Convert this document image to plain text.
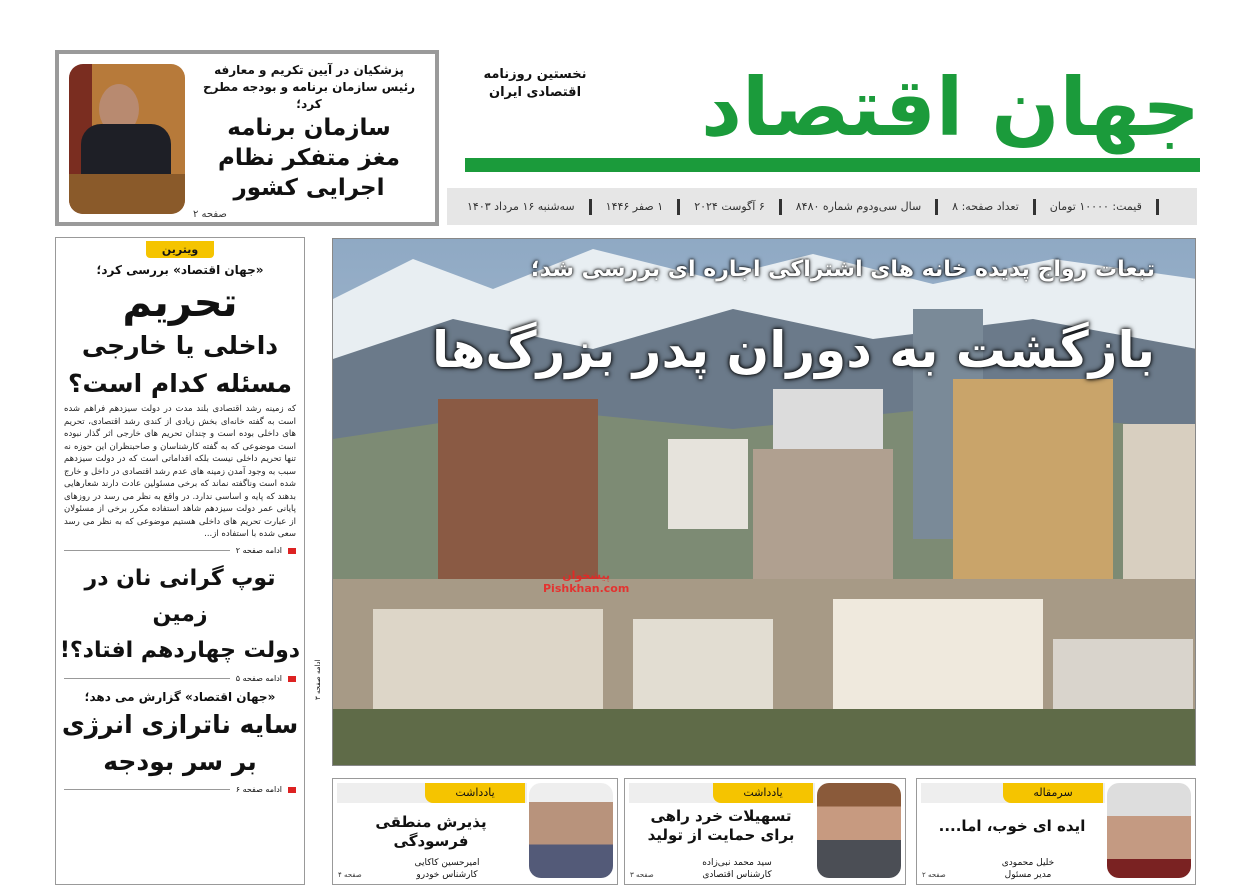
جهان اقتصاد
نخستین روزنامه
اقتصادی ایران
سه‌شنبه ۱۶ مرداد ۱۴۰۳	۱ صفر ۱۴۴۶	۶ آگوست ۲۰۲۴	سال سی‌ودوم شماره ۸۴۸۰	تعداد صفحه: ۸	قیمت: ۱۰۰۰۰ تومان
پزشکیان در آیین تکریم و معارفه
رئیس سازمان برنامه و بودجه مطرح کرد؛
سازمان برنامه
مغز متفکر نظام
اجرایی کشور
صفحه ۲
ویترین
«جهان اقتصاد» بررسی کرد؛
تحریم
داخلی یا خارجی
مسئله کدام است؟

که زمینه رشد اقتصادی بلند مدت در دولت سیزدهم فراهم شده است به گفته خانه‌ای بخش زیادی از کندی رشد اقتصادی، تحریم های داخلی بوده است و چندان تحریم های خارجی اثر گذار نبوده است موضوعی که به گفته کارشناسان و صاحبنظران این حوزه نه تنها تحریم داخلی نیست بلکه اقداماتی است که در دولت سیزدهم سبب به وجود آمدن زمینه های عدم رشد اقتصادی در داخل و خارج شده است وناگفته نماند که برخی مسئولین عادت دارند شعارهایی بدهند که پایه و اساسی ندارد. در واقع به نظر می رسد در روزهای پایانی عمر دولت سیزدهم شاهد استفاده مکرر برخی از مسئولان از عبارت تحریم های داخلی هستیم موضوعی که به نظر می رسد سعی شده با استفاده از...

ادامه صفحه ۲
توپ گرانی نان در زمین
دولت چهاردهم افتاد؟!
ادامه صفحه ۵
«جهان اقتصاد» گزارش می دهد؛
سایه ناترازی انرژی
بر سر بودجه
ادامه صفحه ۶
تبعات رواج پدیده خانه های اشتراکی اجاره ای بررسی شد؛
بازگشت به دوران پدر بزرگ‌ها
پیشخوان
Pishkhan.com
ادامه صفحه ۳
سرمقاله
ایده ای خوب، اما....
خلیل محمودی
مدیر مسئول
صفحه ۲
یادداشت
تسهیلات خرد راهی برای حمایت از تولید
سید محمد نبی‌زاده
کارشناس اقتصادی
صفحه ۳
یادداشت
پذیرش منطقی فرسودگی
امیرحسین کاکایی
کارشناس خودرو
صفحه ۴
